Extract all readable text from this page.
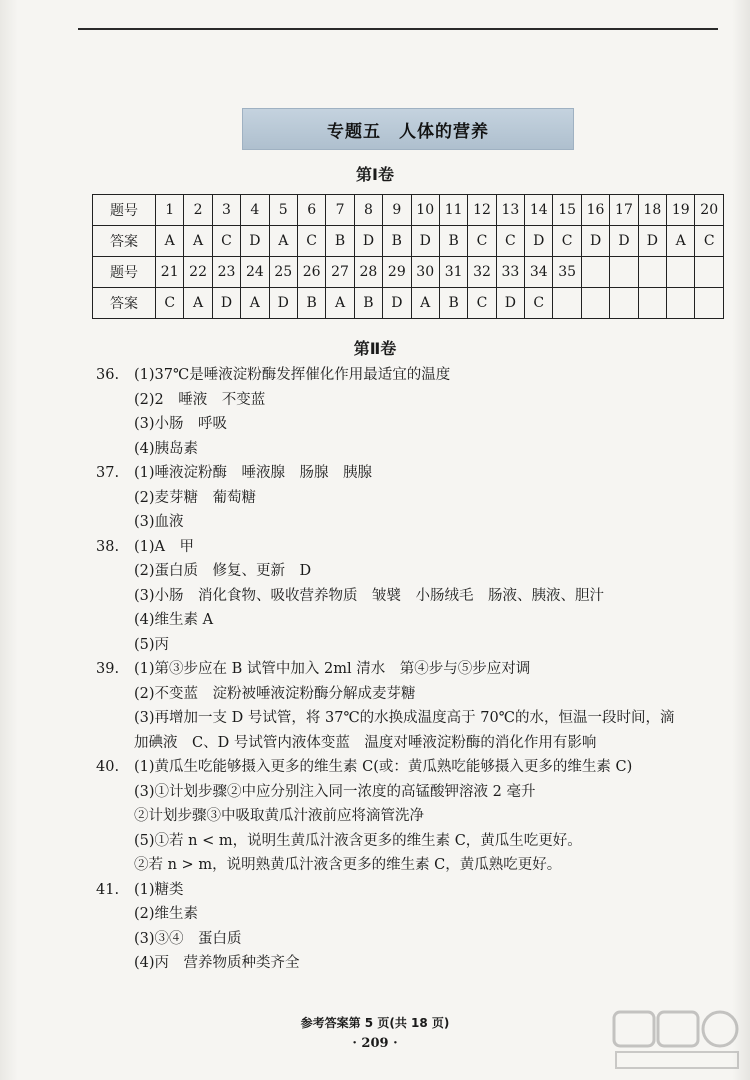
专题五　人体的营养
第Ⅰ卷
题号	1	2	3	4	5	6	7	8	9	10	11	12	13	14	15	16	17	18	19	20
答案	A	A	C	D	A	C	B	D	B	D	B	C	C	D	C	D	D	D	A	C
题号	21	22	23	24	25	26	27	28	29	30	31	32	33	34	35					
答案	C	A	D	A	D	B	A	B	D	A	B	C	D	C						
第Ⅱ卷
36. (1)37℃是唾液淀粉酶发挥催化作用最适宜的温度
(2)2　唾液　不变蓝
(3)小肠　呼吸
(4)胰岛素
37. (1)唾液淀粉酶　唾液腺　肠腺　胰腺
(2)麦芽糖　葡萄糖
(3)血液
38. (1)A　甲
(2)蛋白质　修复、更新　D
(3)小肠　消化食物、吸收营养物质　皱襞　小肠绒毛　肠液、胰液、胆汁
(4)维生素 A
(5)丙
39. (1)第③步应在 B 试管中加入 2ml 清水　第④步与⑤步应对调
(2)不变蓝　淀粉被唾液淀粉酶分解成麦芽糖
(3)再增加一支 D 号试管，将 37℃的水换成温度高于 70℃的水，恒温一段时间，滴
加碘液　C、D 号试管内液体变蓝　温度对唾液淀粉酶的消化作用有影响
40. (1)黄瓜生吃能够摄入更多的维生素 C(或：黄瓜熟吃能够摄入更多的维生素 C)
(3)①计划步骤②中应分别注入同一浓度的高锰酸钾溶液 2 毫升
②计划步骤③中吸取黄瓜汁液前应将滴管洗净
(5)①若 n < m，说明生黄瓜汁液含更多的维生素 C，黄瓜生吃更好。
②若 n > m，说明熟黄瓜汁液含更多的维生素 C，黄瓜熟吃更好。
41. (1)糖类
(2)维生素
(3)③④　蛋白质
(4)丙　营养物质种类齐全
参考答案第 5 页(共 18 页)
· 209 ·
